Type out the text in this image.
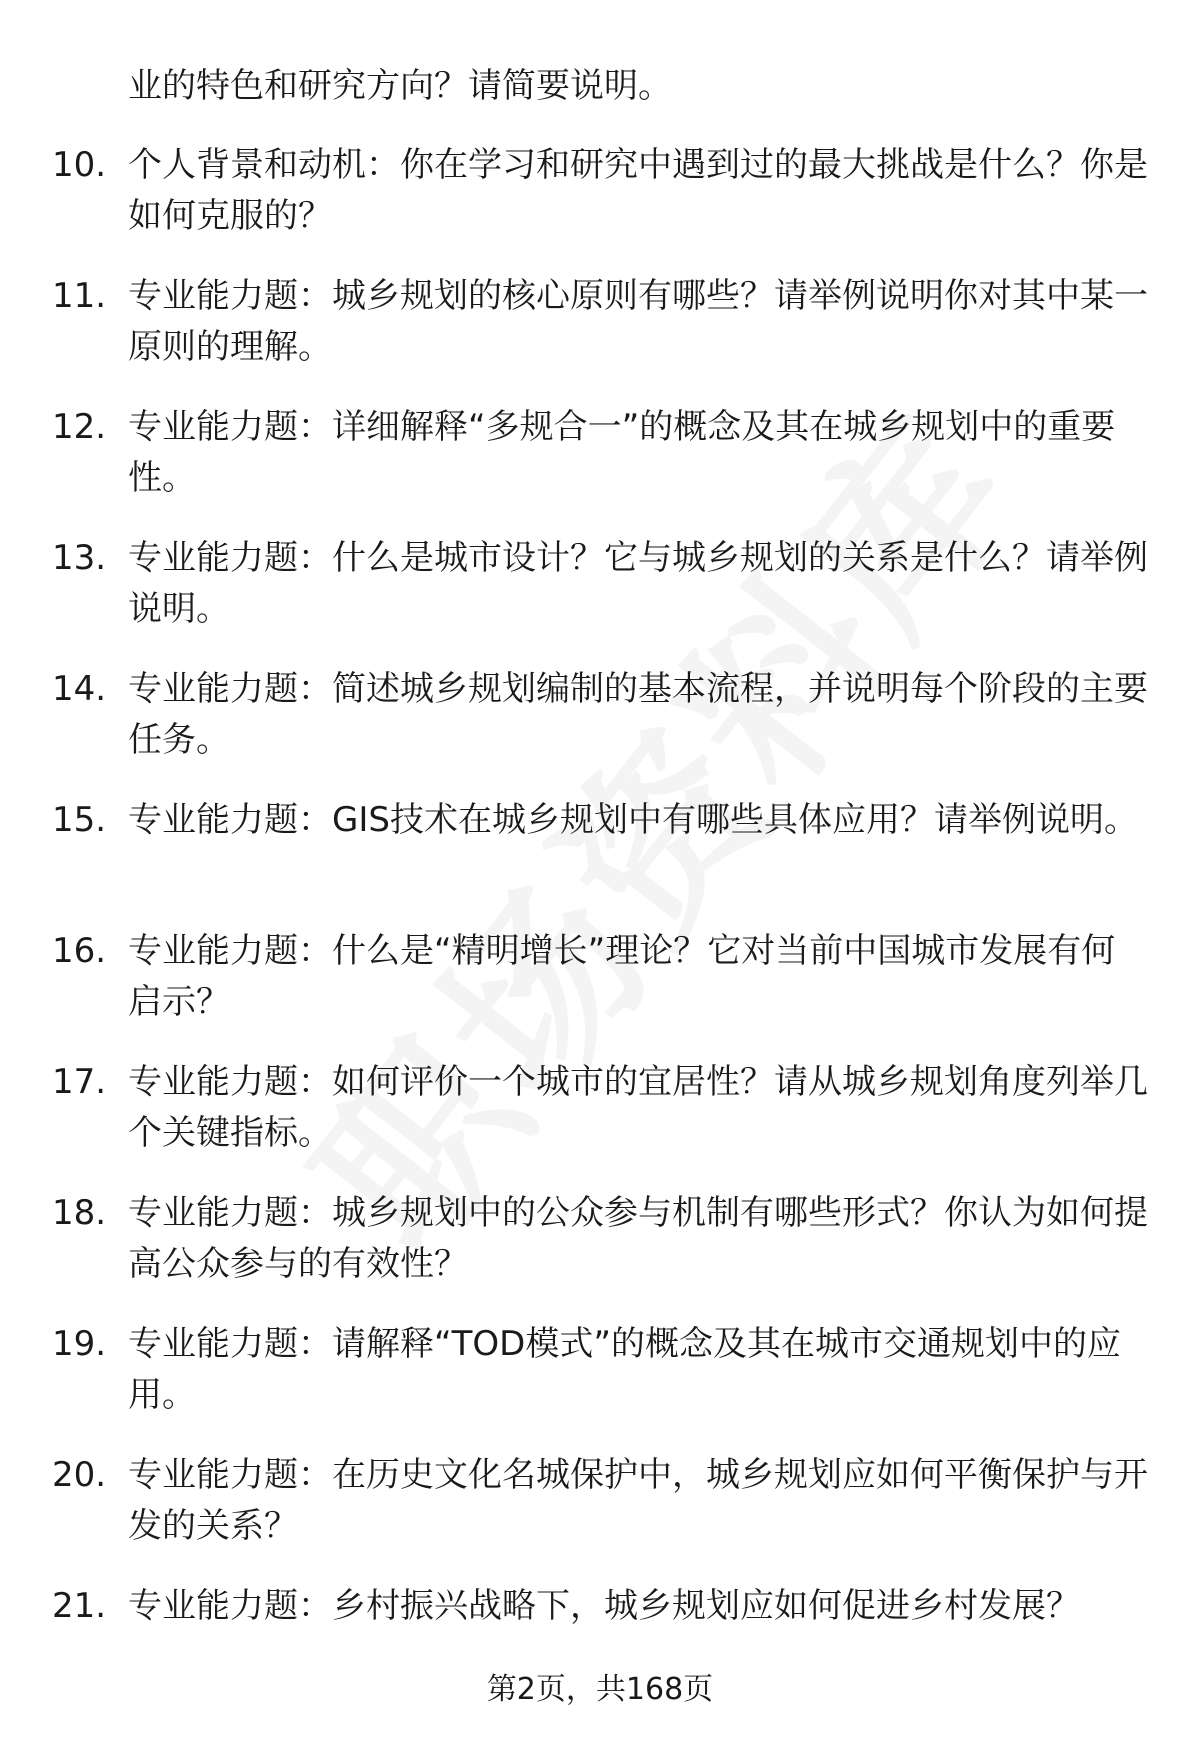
业的特色和研究方向？请简要说明。
10. 个人背景和动机：你在学习和研究中遇到过的最大挑战是什么？你是如何克服的？
11. 专业能力题：城乡规划的核心原则有哪些？请举例说明你对其中某一原则的理解。
12. 专业能力题：详细解释“多规合一”的概念及其在城乡规划中的重要性。
13. 专业能力题：什么是城市设计？它与城乡规划的关系是什么？请举例说明。
14. 专业能力题：简述城乡规划编制的基本流程，并说明每个阶段的主要任务。
15. 专业能力题：GIS技术在城乡规划中有哪些具体应用？请举例说明。
16. 专业能力题：什么是“精明增长”理论？它对当前中国城市发展有何启示？
17. 专业能力题：如何评价一个城市的宜居性？请从城乡规划角度列举几个关键指标。
18. 专业能力题：城乡规划中的公众参与机制有哪些形式？你认为如何提高公众参与的有效性？
19. 专业能力题：请解释“TOD模式”的概念及其在城市交通规划中的应用。
20. 专业能力题：在历史文化名城保护中，城乡规划应如何平衡保护与开发的关系？
21. 专业能力题：乡村振兴战略下，城乡规划应如何促进乡村发展？
第2页，共168页
